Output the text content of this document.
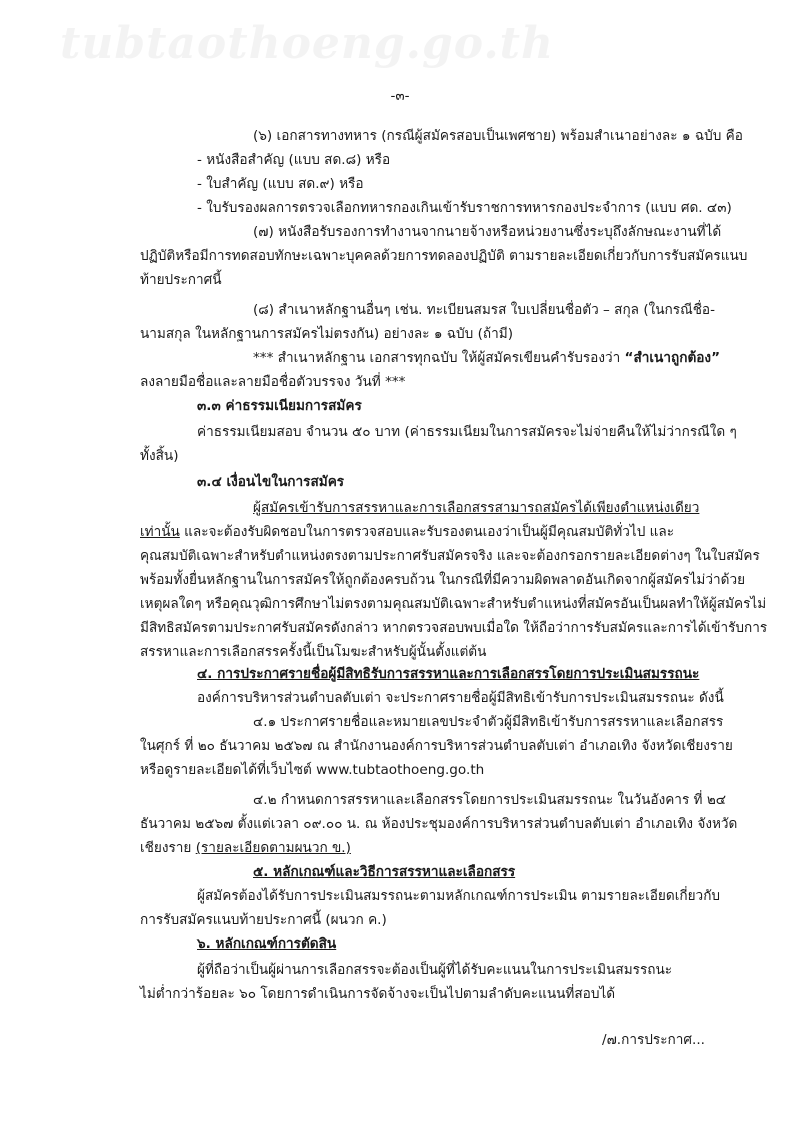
tubtaothoeng.go.th
-๓-
(๖) เอกสารทางทหาร (กรณีผู้สมัครสอบเป็นเพศชาย) พร้อมสำเนาอย่างละ ๑ ฉบับ คือ
- หนังสือสำคัญ (แบบ สด.๘) หรือ
- ใบสำคัญ (แบบ สด.๙) หรือ
- ใบรับรองผลการตรวจเลือกทหารกองเกินเข้ารับราชการทหารกองประจำการ (แบบ ศด. ๔๓)
(๗) หนังสือรับรองการทำงานจากนายจ้างหรือหน่วยงานซึ่งระบุถึงลักษณะงานที่ได้
ปฏิบัติหรือมีการทดสอบทักษะเฉพาะบุคคลด้วยการทดลองปฏิบัติ ตามรายละเอียดเกี่ยวกับการรับสมัครแนบ
ท้ายประกาศนี้
(๘) สำเนาหลักฐานอื่นๆ เช่น. ทะเบียนสมรส ใบเปลี่ยนชื่อตัว – สกุล (ในกรณีชื่อ-
นามสกุล ในหลักฐานการสมัครไม่ตรงกัน) อย่างละ ๑ ฉบับ (ถ้ามี)
*** สำเนาหลักฐาน เอกสารทุกฉบับ ให้ผู้สมัครเขียนคำรับรองว่า “สำเนาถูกต้อง”
ลงลายมือชื่อและลายมือชื่อตัวบรรจง วันที่ ***
๓.๓ ค่าธรรมเนียมการสมัคร
ค่าธรรมเนียมสอบ จำนวน ๕๐ บาท (ค่าธรรมเนียมในการสมัครจะไม่จ่ายคืนให้ไม่ว่ากรณีใด ๆ
ทั้งสิ้น)
๓.๔ เงื่อนไขในการสมัคร
ผู้สมัครเข้ารับการสรรหาและการเลือกสรรสามารถสมัครได้เพียงตำแหน่งเดียว
เท่านั้น และจะต้องรับผิดชอบในการตรวจสอบและรับรองตนเองว่าเป็นผู้มีคุณสมบัติทั่วไป และ
คุณสมบัติเฉพาะสำหรับตำแหน่งตรงตามประกาศรับสมัครจริง และจะต้องกรอกรายละเอียดต่างๆ ในใบสมัคร
พร้อมทั้งยื่นหลักฐานในการสมัครให้ถูกต้องครบถ้วน ในกรณีที่มีความผิดพลาดอันเกิดจากผู้สมัครไม่ว่าด้วย
เหตุผลใดๆ หรือคุณวุฒิการศึกษาไม่ตรงตามคุณสมบัติเฉพาะสำหรับตำแหน่งที่สมัครอันเป็นผลทำให้ผู้สมัครไม่
มีสิทธิสมัครตามประกาศรับสมัครดังกล่าว หากตรวจสอบพบเมื่อใด ให้ถือว่าการรับสมัครและการได้เข้ารับการ
สรรหาและการเลือกสรรครั้งนี้เป็นโมฆะสำหรับผู้นั้นตั้งแต่ต้น
๔. การประกาศรายชื่อผู้มีสิทธิรับการสรรหาและการเลือกสรรโดยการประเมินสมรรถนะ
องค์การบริหารส่วนตำบลตับเต่า จะประกาศรายชื่อผู้มีสิทธิเข้ารับการประเมินสมรรถนะ ดังนี้
๔.๑ ประกาศรายชื่อและหมายเลขประจำตัวผู้มีสิทธิเข้ารับการสรรหาและเลือกสรร
ในศุกร์ ที่ ๒๐ ธันวาคม ๒๕๖๗ ณ สำนักงานองค์การบริหารส่วนตำบลตับเต่า อำเภอเทิง จังหวัดเชียงราย
หรือดูรายละเอียดได้ที่เว็บไซต์ www.tubtaothoeng.go.th
๔.๒ กำหนดการสรรหาและเลือกสรรโดยการประเมินสมรรถนะ ในวันอังคาร ที่ ๒๔
ธันวาคม ๒๕๖๗ ตั้งแต่เวลา ๐๙.๐๐ น. ณ ห้องประชุมองค์การบริหารส่วนตำบลตับเต่า อำเภอเทิง จังหวัด
เชียงราย (รายละเอียดตามผนวก ข.)
๕. หลักเกณฑ์และวิธีการสรรหาและเลือกสรร
ผู้สมัครต้องได้รับการประเมินสมรรถนะตามหลักเกณฑ์การประเมิน ตามรายละเอียดเกี่ยวกับ
การรับสมัครแนบท้ายประกาศนี้ (ผนวก ค.)
๖. หลักเกณฑ์การตัดสิน
ผู้ที่ถือว่าเป็นผู้ผ่านการเลือกสรรจะต้องเป็นผู้ที่ได้รับคะแนนในการประเมินสมรรถนะ
ไม่ต่ำกว่าร้อยละ ๖๐ โดยการดำเนินการจัดจ้างจะเป็นไปตามลำดับคะแนนที่สอบได้
/๗.การประกาศ...
